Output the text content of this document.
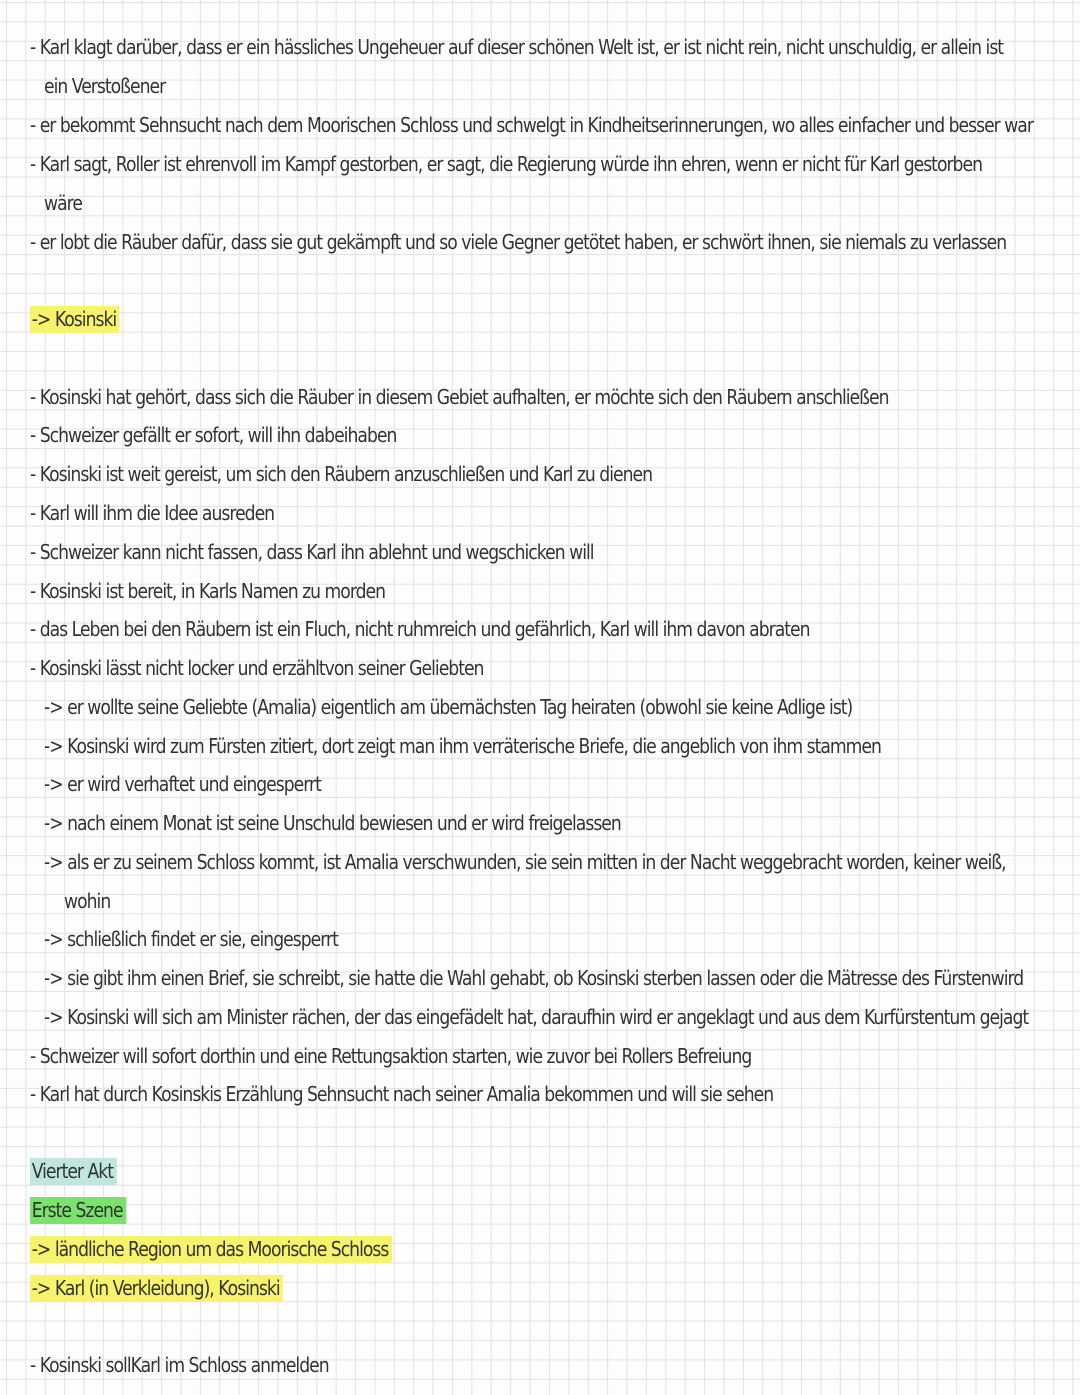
- Karl klagt darüber, dass er ein hässliches Ungeheuer auf dieser schönen Welt ist, er ist nicht rein, nicht unschuldig, er allein ist
ein Verstoßener
- er bekommt Sehnsucht nach dem Moorischen Schloss und schwelgt in Kindheitserinnerungen, wo alles einfacher und besser war
- Karl sagt, Roller ist ehrenvoll im Kampf gestorben, er sagt, die Regierung würde ihn ehren, wenn er nicht für Karl gestorben
wäre
- er lobt die Räuber dafür, dass sie gut gekämpft und so viele Gegner getötet haben, er schwört ihnen, sie niemals zu verlassen
-> Kosinski
- Kosinski hat gehört, dass sich die Räuber in diesem Gebiet aufhalten, er möchte sich den Räubern anschließen
- Schweizer gefällt er sofort, will ihn dabeihaben
- Kosinski ist weit gereist, um sich den Räubern anzuschließen und Karl zu dienen
- Karl will ihm die Idee ausreden
- Schweizer kann nicht fassen, dass Karl ihn ablehnt und wegschicken will
- Kosinski ist bereit, in Karls Namen zu morden
- das Leben bei den Räubern ist ein Fluch, nicht ruhmreich und gefährlich, Karl will ihm davon abraten
- Kosinski lässt nicht locker und erzähltvon seiner Geliebten
-> er wollte seine Geliebte (Amalia) eigentlich am übernächsten Tag heiraten (obwohl sie keine Adlige ist)
-> Kosinski wird zum Fürsten zitiert, dort zeigt man ihm verräterische Briefe, die angeblich von ihm stammen
-> er wird verhaftet und eingesperrt
-> nach einem Monat ist seine Unschuld bewiesen und er wird freigelassen
-> als er zu seinem Schloss kommt, ist Amalia verschwunden, sie sein mitten in der Nacht weggebracht worden, keiner weiß,
wohin
-> schließlich findet er sie, eingesperrt
-> sie gibt ihm einen Brief, sie schreibt, sie hatte die Wahl gehabt, ob Kosinski sterben lassen oder die Mätresse des Fürstenwird
-> Kosinski will sich am Minister rächen, der das eingefädelt hat, daraufhin wird er angeklagt und aus dem Kurfürstentum gejagt
- Schweizer will sofort dorthin und eine Rettungsaktion starten, wie zuvor bei Rollers Befreiung
- Karl hat durch Kosinskis Erzählung Sehnsucht nach seiner Amalia bekommen und will sie sehen
Vierter Akt
Erste Szene
-> ländliche Region um das Moorische Schloss
-> Karl (in Verkleidung), Kosinski
- Kosinski sollKarl im Schloss anmelden
